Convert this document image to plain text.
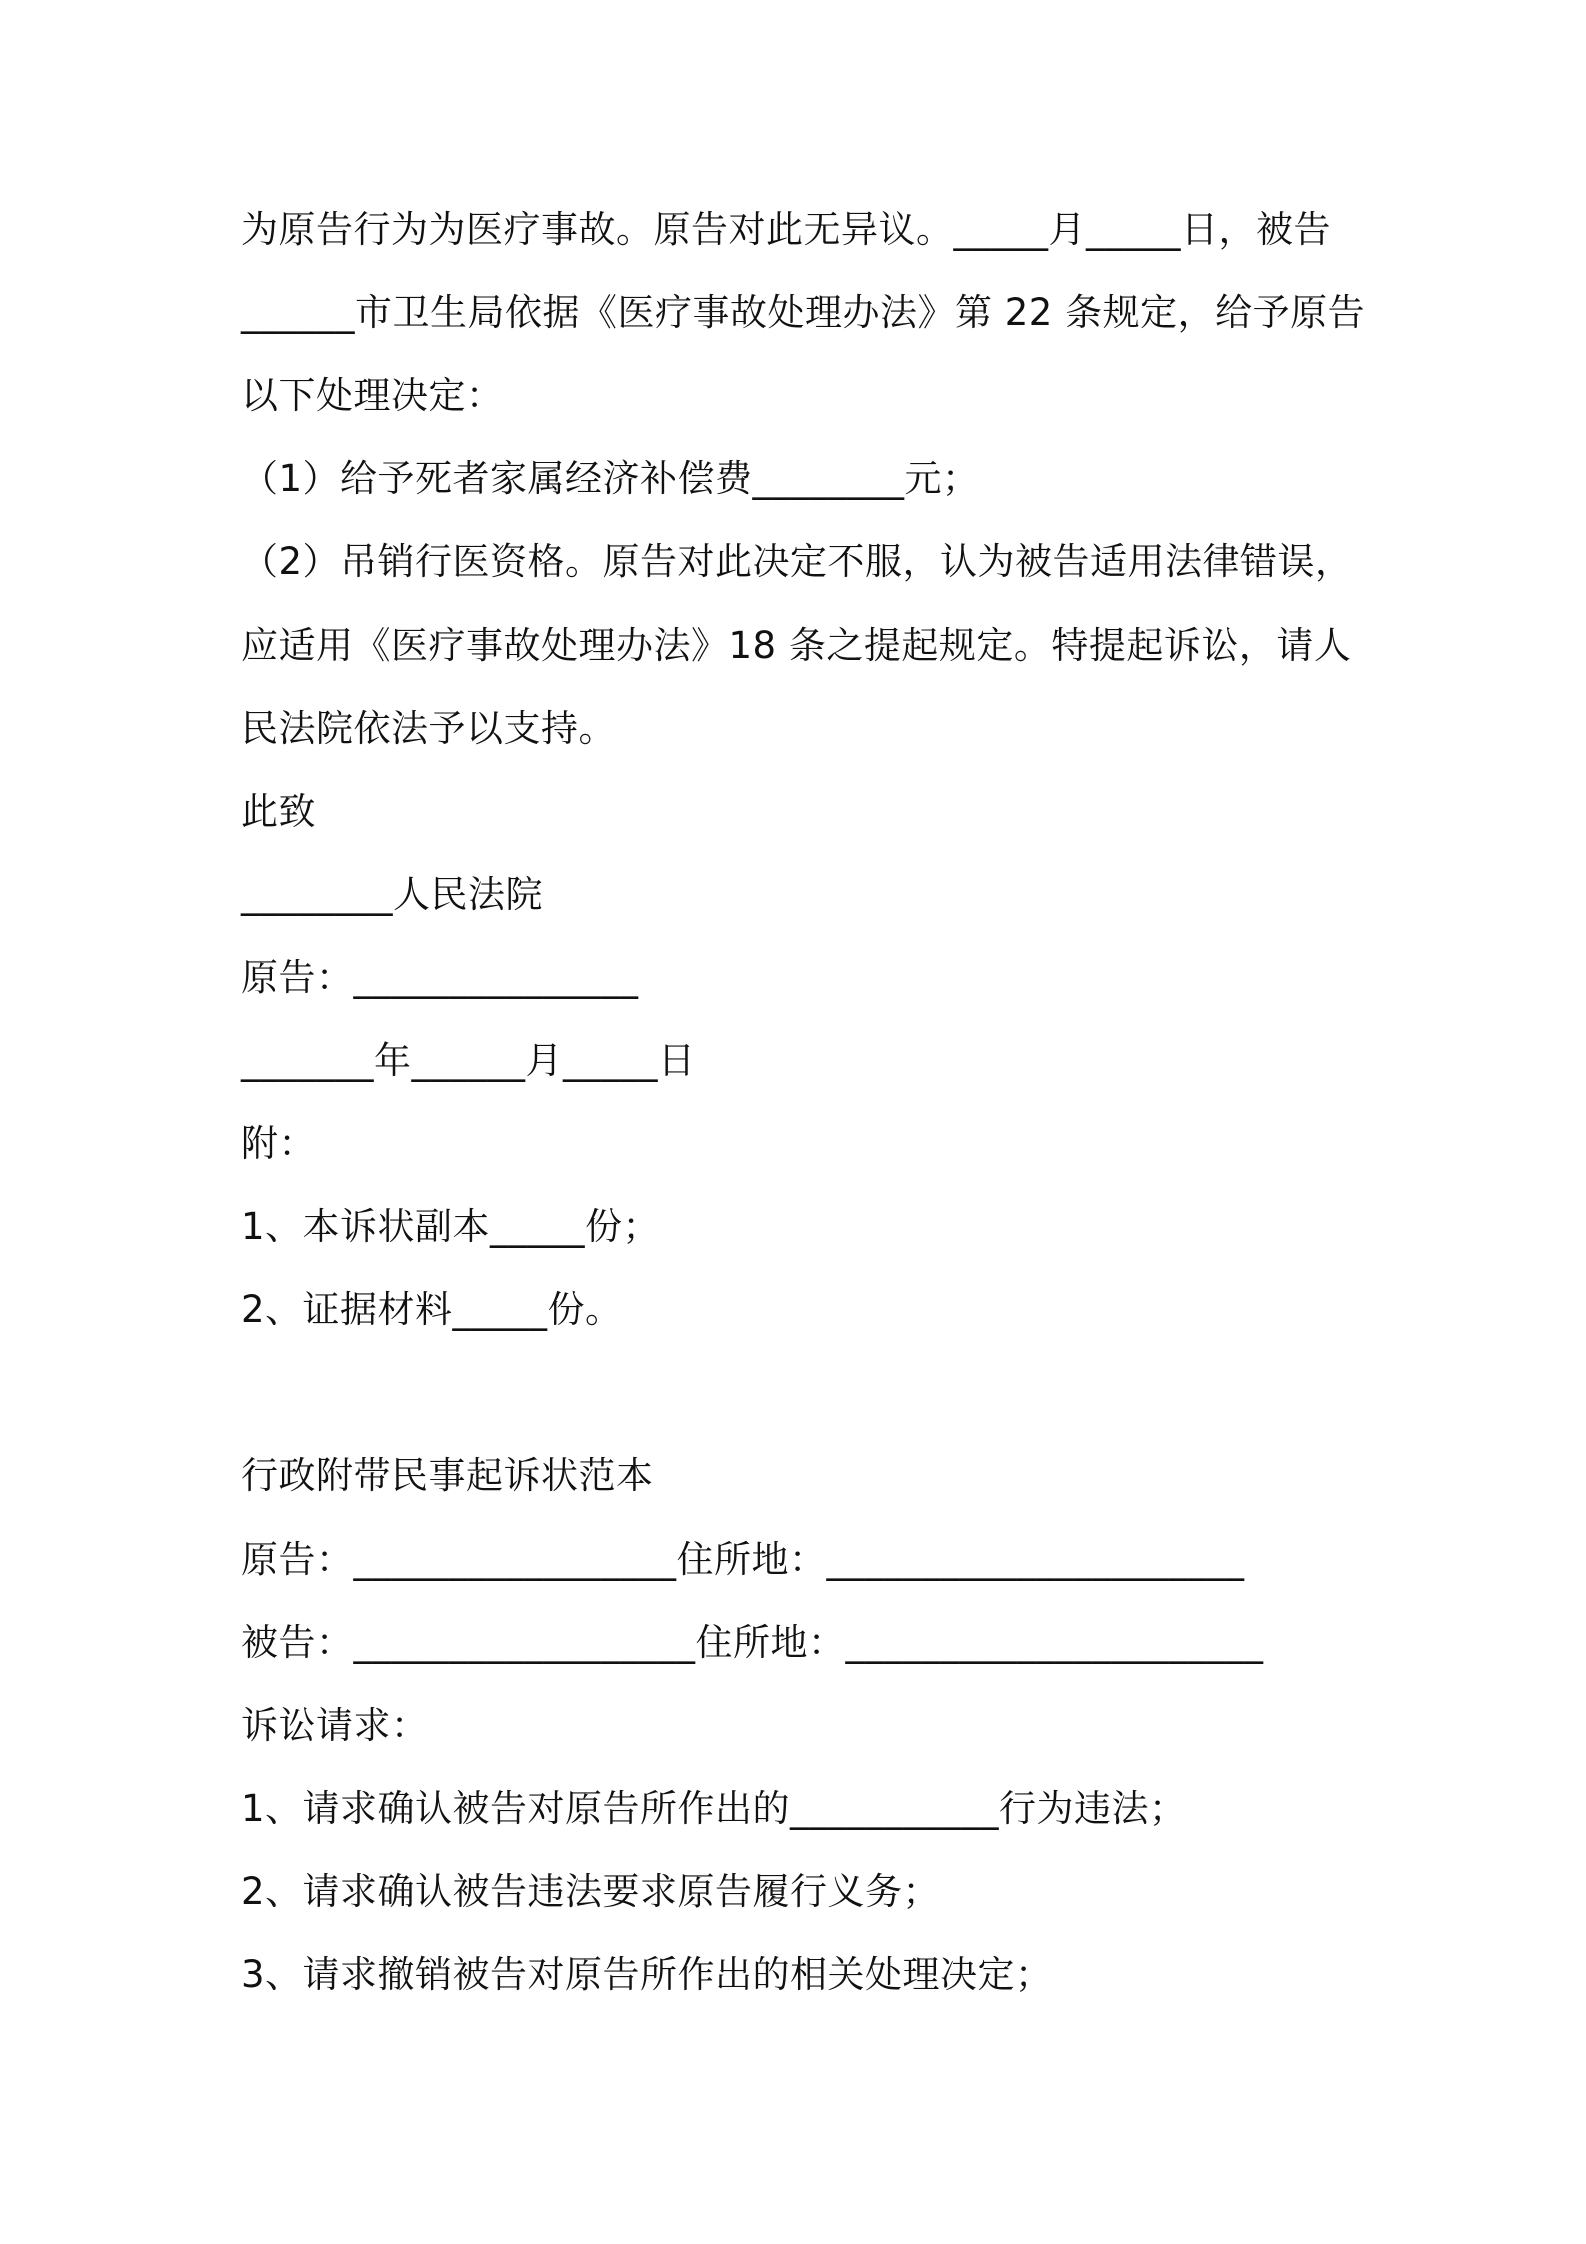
为原告行为为医疗事故。原告对此无异议。_____月_____日，被告
______市卫生局依据《医疗事故处理办法》第 22 条规定，给予原告
以下处理决定：
（1）给予死者家属经济补偿费________元；
（2）吊销行医资格。原告对此决定不服，认为被告适用法律错误，
应适用《医疗事故处理办法》18 条之提起规定。特提起诉讼，请人
民法院依法予以支持。
此致
________人民法院
原告：_______________
_______年______月_____日
附：
1、本诉状副本_____份；
2、证据材料_____份。
行政附带民事起诉状范本
原告：_________________住所地：______________________
被告：__________________住所地：______________________
诉讼请求：
1、请求确认被告对原告所作出的___________行为违法；
2、请求确认被告违法要求原告履行义务；
3、请求撤销被告对原告所作出的相关处理决定；
